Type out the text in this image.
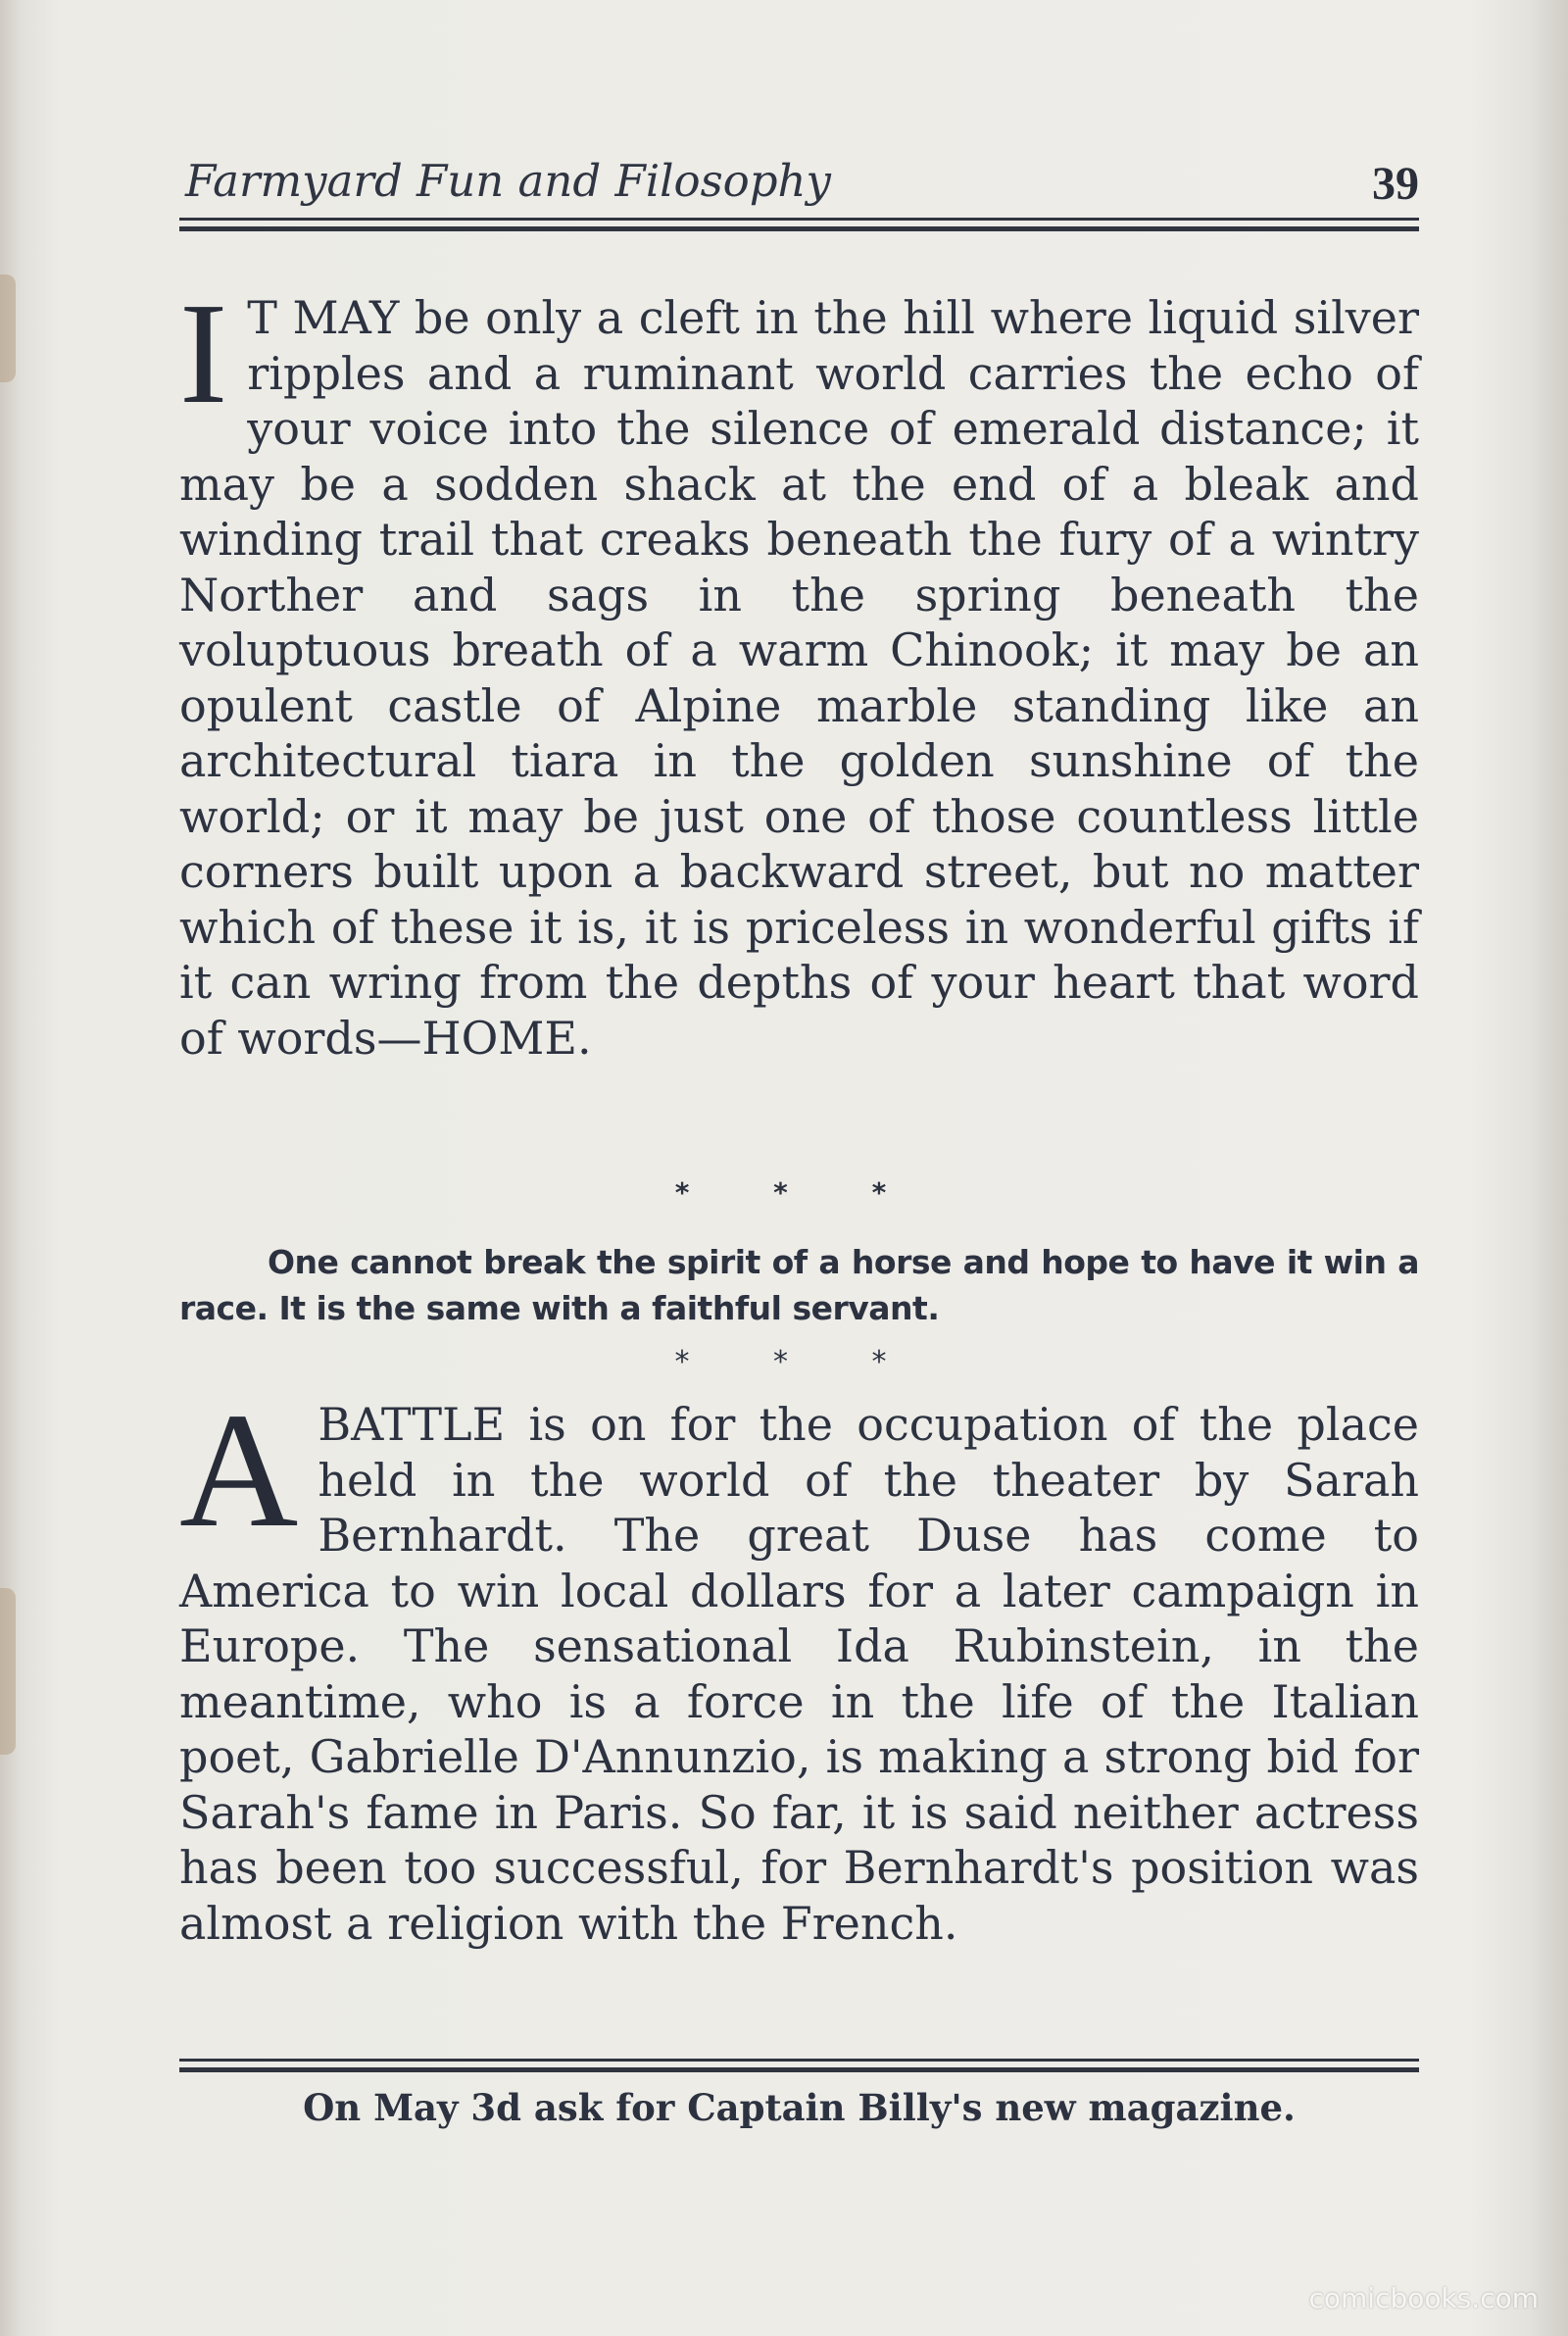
Farmyard Fun and Filosophy	39

I T MAY be only a cleft in the hill where liquid silver ripples and a ruminant world carries the echo of your voice into the silence of emerald distance; it may be a sodden shack at the end of a bleak and winding trail that creaks beneath the fury of a wintry Norther and sags in the spring beneath the voluptuous breath of a warm Chinook; it may be an opulent castle of Alpine marble standing like an architectural tiara in the golden sunshine of the world; or it may be just one of those countless little corners built upon a backward street, but no matter which of these it is, it is priceless in wonderful gifts if it can wring from the depths of your heart that word of words—HOME.

* * *

One cannot break the spirit of a horse and hope to have it win a race. It is the same with a faithful servant.

* * *

ABATTLE is on for the occupation of the place held in the world of the theater by Sarah Bernhardt. The great Duse has come to America to win local dollars for a later campaign in Europe. The sensational Ida Rubinstein, in the meantime, who is a force in the life of the Italian poet, Gabrielle D'Annunzio, is making a strong bid for Sarah's fame in Paris. So far, it is said neither actress has been too successful, for Bernhardt's position was almost a religion with the French.

On May 3d ask for Captain Billy's new magazine.
comicbooks.com
